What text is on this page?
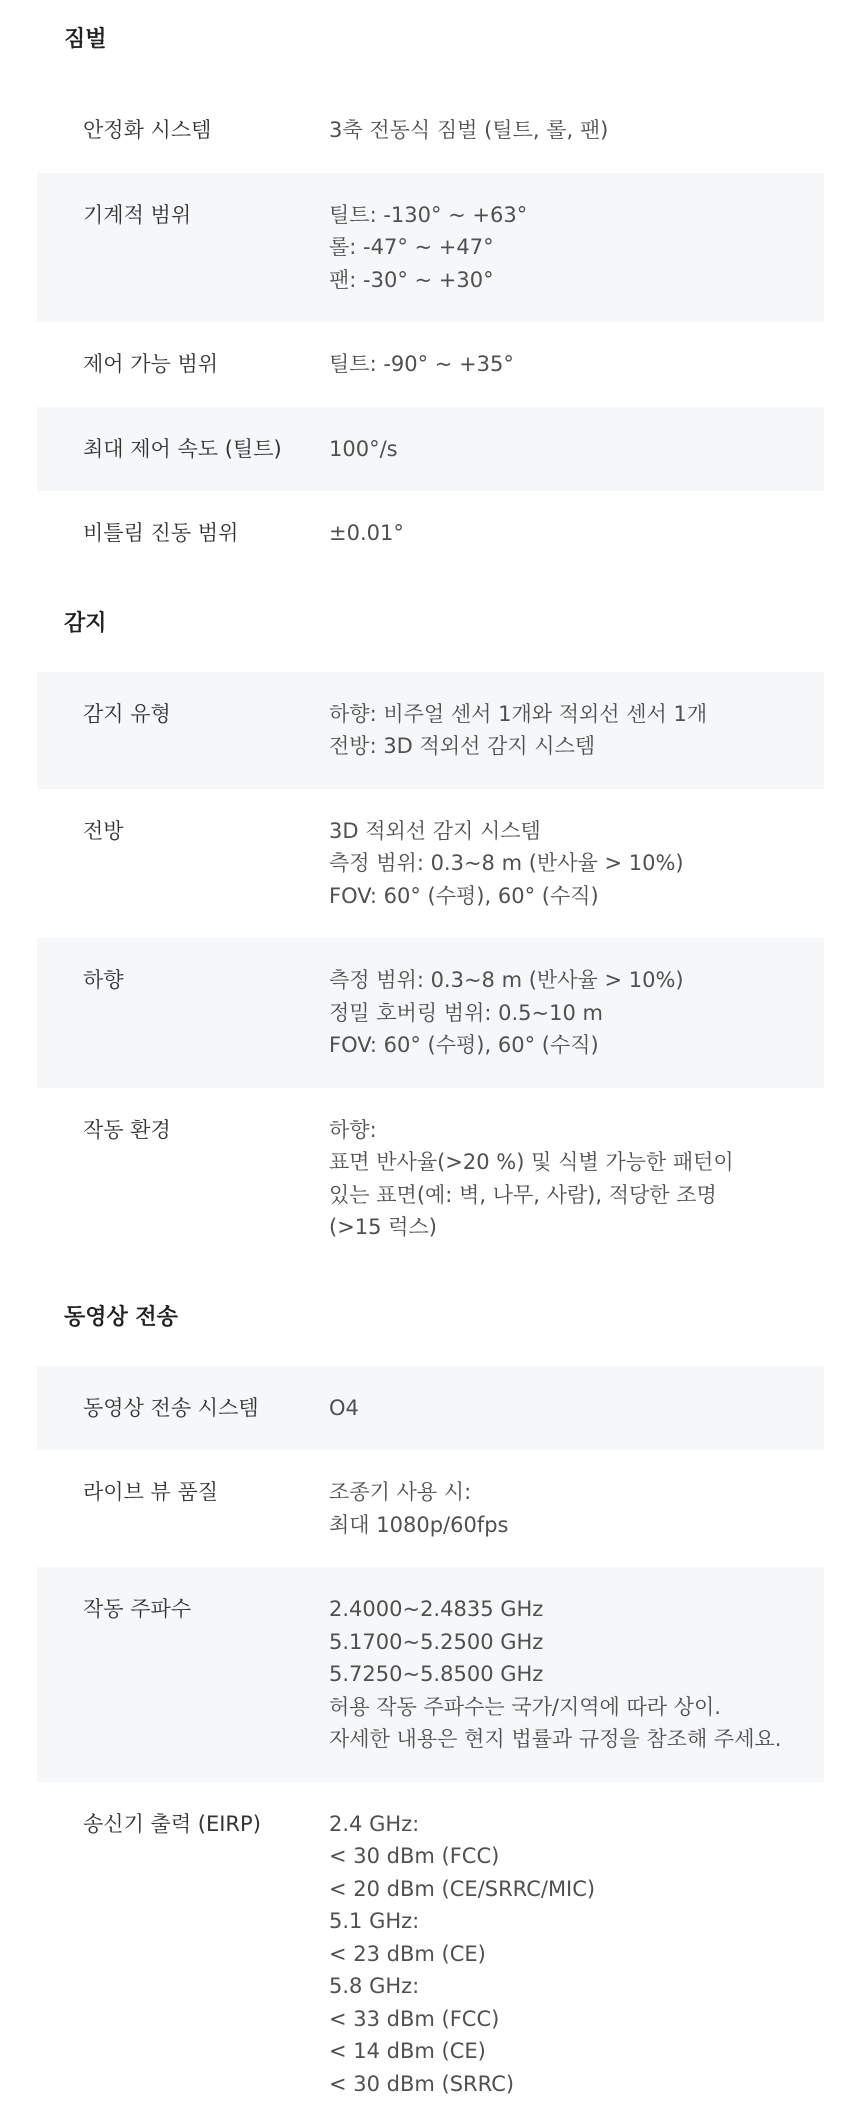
짐벌
안정화 시스템	3축 전동식 짐벌 (틸트, 롤, 팬)
기계적 범위	틸트: -130° ~ +63°
롤: -47° ~ +47°
팬: -30° ~ +30°
제어 가능 범위	틸트: -90° ~ +35°
최대 제어 속도 (틸트)	100°/s
비틀림 진동 범위	±0.01°
감지
감지 유형	하향: 비주얼 센서 1개와 적외선 센서 1개
전방: 3D 적외선 감지 시스템
전방	3D 적외선 감지 시스템
측정 범위: 0.3~8 m (반사율 > 10%)
FOV: 60° (수평), 60° (수직)
하향	측정 범위: 0.3~8 m (반사율 > 10%)
정밀 호버링 범위: 0.5~10 m
FOV: 60° (수평), 60° (수직)
작동 환경	하향:
표면 반사율(>20 %) 및 식별 가능한 패턴이
있는 표면(예: 벽, 나무, 사람), 적당한 조명
(>15 럭스)
동영상 전송
동영상 전송 시스템	O4
라이브 뷰 품질	조종기 사용 시:
최대 1080p/60fps
작동 주파수	2.4000~2.4835 GHz
5.1700~5.2500 GHz
5.7250~5.8500 GHz
허용 작동 주파수는 국가/지역에 따라 상이.
자세한 내용은 현지 법률과 규정을 참조해 주세요.
송신기 출력 (EIRP)	2.4 GHz:
< 30 dBm (FCC)
< 20 dBm (CE/SRRC/MIC)
5.1 GHz:
< 23 dBm (CE)
5.8 GHz:
< 33 dBm (FCC)
< 14 dBm (CE)
< 30 dBm (SRRC)
